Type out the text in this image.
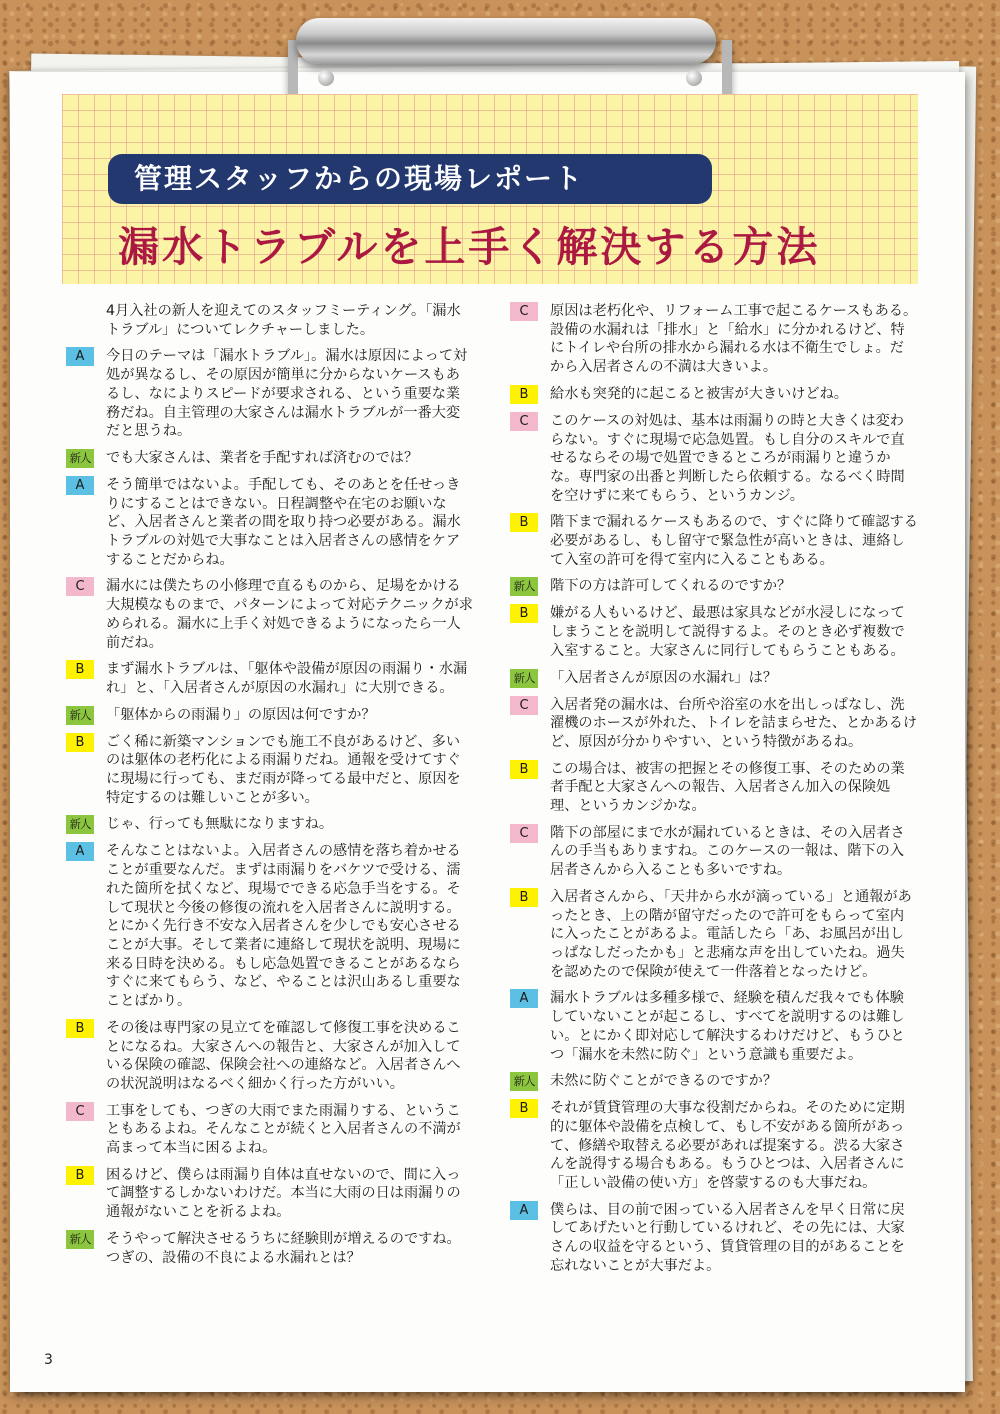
管理スタッフからの現場レポート
漏水トラブルを上手く解決する方法
4月入社の新人を迎えてのスタッフミーティング。「漏水トラブル」についてレクチャーしました。
A	今日のテーマは「漏水トラブル」。漏水は原因によって対処が異なるし、その原因が簡単に分からないケースもあるし、なによりスピードが要求される、という重要な業務だね。自主管理の大家さんは漏水トラブルが一番大変だと思うね。
新人 でも大家さんは、業者を手配すれば済むのでは？
A	そう簡単ではないよ。手配しても、そのあとを任せっきりにすることはできない。日程調整や在宅のお願いなど、入居者さんと業者の間を取り持つ必要がある。漏水トラブルの対処で大事なことは入居者さんの感情をケアすることだからね。
C	漏水には僕たちの小修理で直るものから、足場をかける大規模なものまで、パターンによって対応テクニックが求められる。漏水に上手く対処できるようになったら一人前だね。
B	まず漏水トラブルは、「躯体や設備が原因の雨漏り・水漏れ」と、「入居者さんが原因の水漏れ」に大別できる。
新人 「躯体からの雨漏り」の原因は何ですか？
B	ごく稀に新築マンションでも施工不良があるけど、多いのは躯体の老朽化による雨漏りだね。通報を受けてすぐに現場に行っても、まだ雨が降ってる最中だと、原因を特定するのは難しいことが多い。
新人 じゃ、行っても無駄になりますね。
A	そんなことはないよ。入居者さんの感情を落ち着かせることが重要なんだ。まずは雨漏りをバケツで受ける、濡れた箇所を拭くなど、現場でできる応急手当をする。そして現状と今後の修復の流れを入居者さんに説明する。とにかく先行き不安な入居者さんを少しでも安心させることが大事。そして業者に連絡して現状を説明、現場に来る日時を決める。もし応急処置できることがあるならすぐに来てもらう、など、やることは沢山あるし重要なことばかり。
B	その後は専門家の見立てを確認して修復工事を決めることになるね。大家さんへの報告と、大家さんが加入している保険の確認、保険会社への連絡など。入居者さんへの状況説明はなるべく細かく行った方がいい。
C	工事をしても、つぎの大雨でまた雨漏りする、ということもあるよね。そんなことが続くと入居者さんの不満が高まって本当に困るよね。
B	困るけど、僕らは雨漏り自体は直せないので、間に入って調整するしかないわけだ。本当に大雨の日は雨漏りの通報がないことを祈るよね。
新人 そうやって解決させるうちに経験則が増えるのですね。つぎの、設備の不良による水漏れとは？
C	原因は老朽化や、リフォーム工事で起こるケースもある。設備の水漏れは「排水」と「給水」に分かれるけど、特にトイレや台所の排水から漏れる水は不衛生でしょ。だから入居者さんの不満は大きいよ。
B	給水も突発的に起こると被害が大きいけどね。
C	このケースの対処は、基本は雨漏りの時と大きくは変わらない。すぐに現場で応急処置。もし自分のスキルで直せるならその場で処置できるところが雨漏りと違うかな。専門家の出番と判断したら依頼する。なるべく時間を空けずに来てもらう、というカンジ。
B	階下まで漏れるケースもあるので、すぐに降りて確認する必要があるし、もし留守で緊急性が高いときは、連絡して入室の許可を得て室内に入ることもある。
新人 階下の方は許可してくれるのですか？
B	嫌がる人もいるけど、最悪は家具などが水浸しになってしまうことを説明して説得するよ。そのとき必ず複数で入室すること。大家さんに同行してもらうこともある。
新人 「入居者さんが原因の水漏れ」は？
C	入居者発の漏水は、台所や浴室の水を出しっぱなし、洗濯機のホースが外れた、トイレを詰まらせた、とかあるけど、原因が分かりやすい、という特徴があるね。
B	この場合は、被害の把握とその修復工事、そのための業者手配と大家さんへの報告、入居者さん加入の保険処理、というカンジかな。
C	階下の部屋にまで水が漏れているときは、その入居者さんの手当もありますね。このケースの一報は、階下の入居者さんから入ることも多いですね。
B	入居者さんから、「天井から水が滴っている」と通報があったとき、上の階が留守だったので許可をもらって室内に入ったことがあるよ。電話したら「あ、お風呂が出しっぱなしだったかも」と悲痛な声を出していたね。過失を認めたので保険が使えて一件落着となったけど。
A	漏水トラブルは多種多様で、経験を積んだ我々でも体験していないことが起こるし、すべてを説明するのは難しい。とにかく即対応して解決するわけだけど、もうひとつ「漏水を未然に防ぐ」という意識も重要だよ。
新人 未然に防ぐことができるのですか？
B	それが賃貸管理の大事な役割だからね。そのために定期的に躯体や設備を点検して、もし不安がある箇所があって、修繕や取替える必要があれば提案する。渋る大家さんを説得する場合もある。もうひとつは、入居者さんに「正しい設備の使い方」を啓蒙するのも大事だね。
A	僕らは、目の前で困っている入居者さんを早く日常に戻してあげたいと行動しているけれど、その先には、大家さんの収益を守るという、賃貸管理の目的があることを忘れないことが大事だよ。
3
